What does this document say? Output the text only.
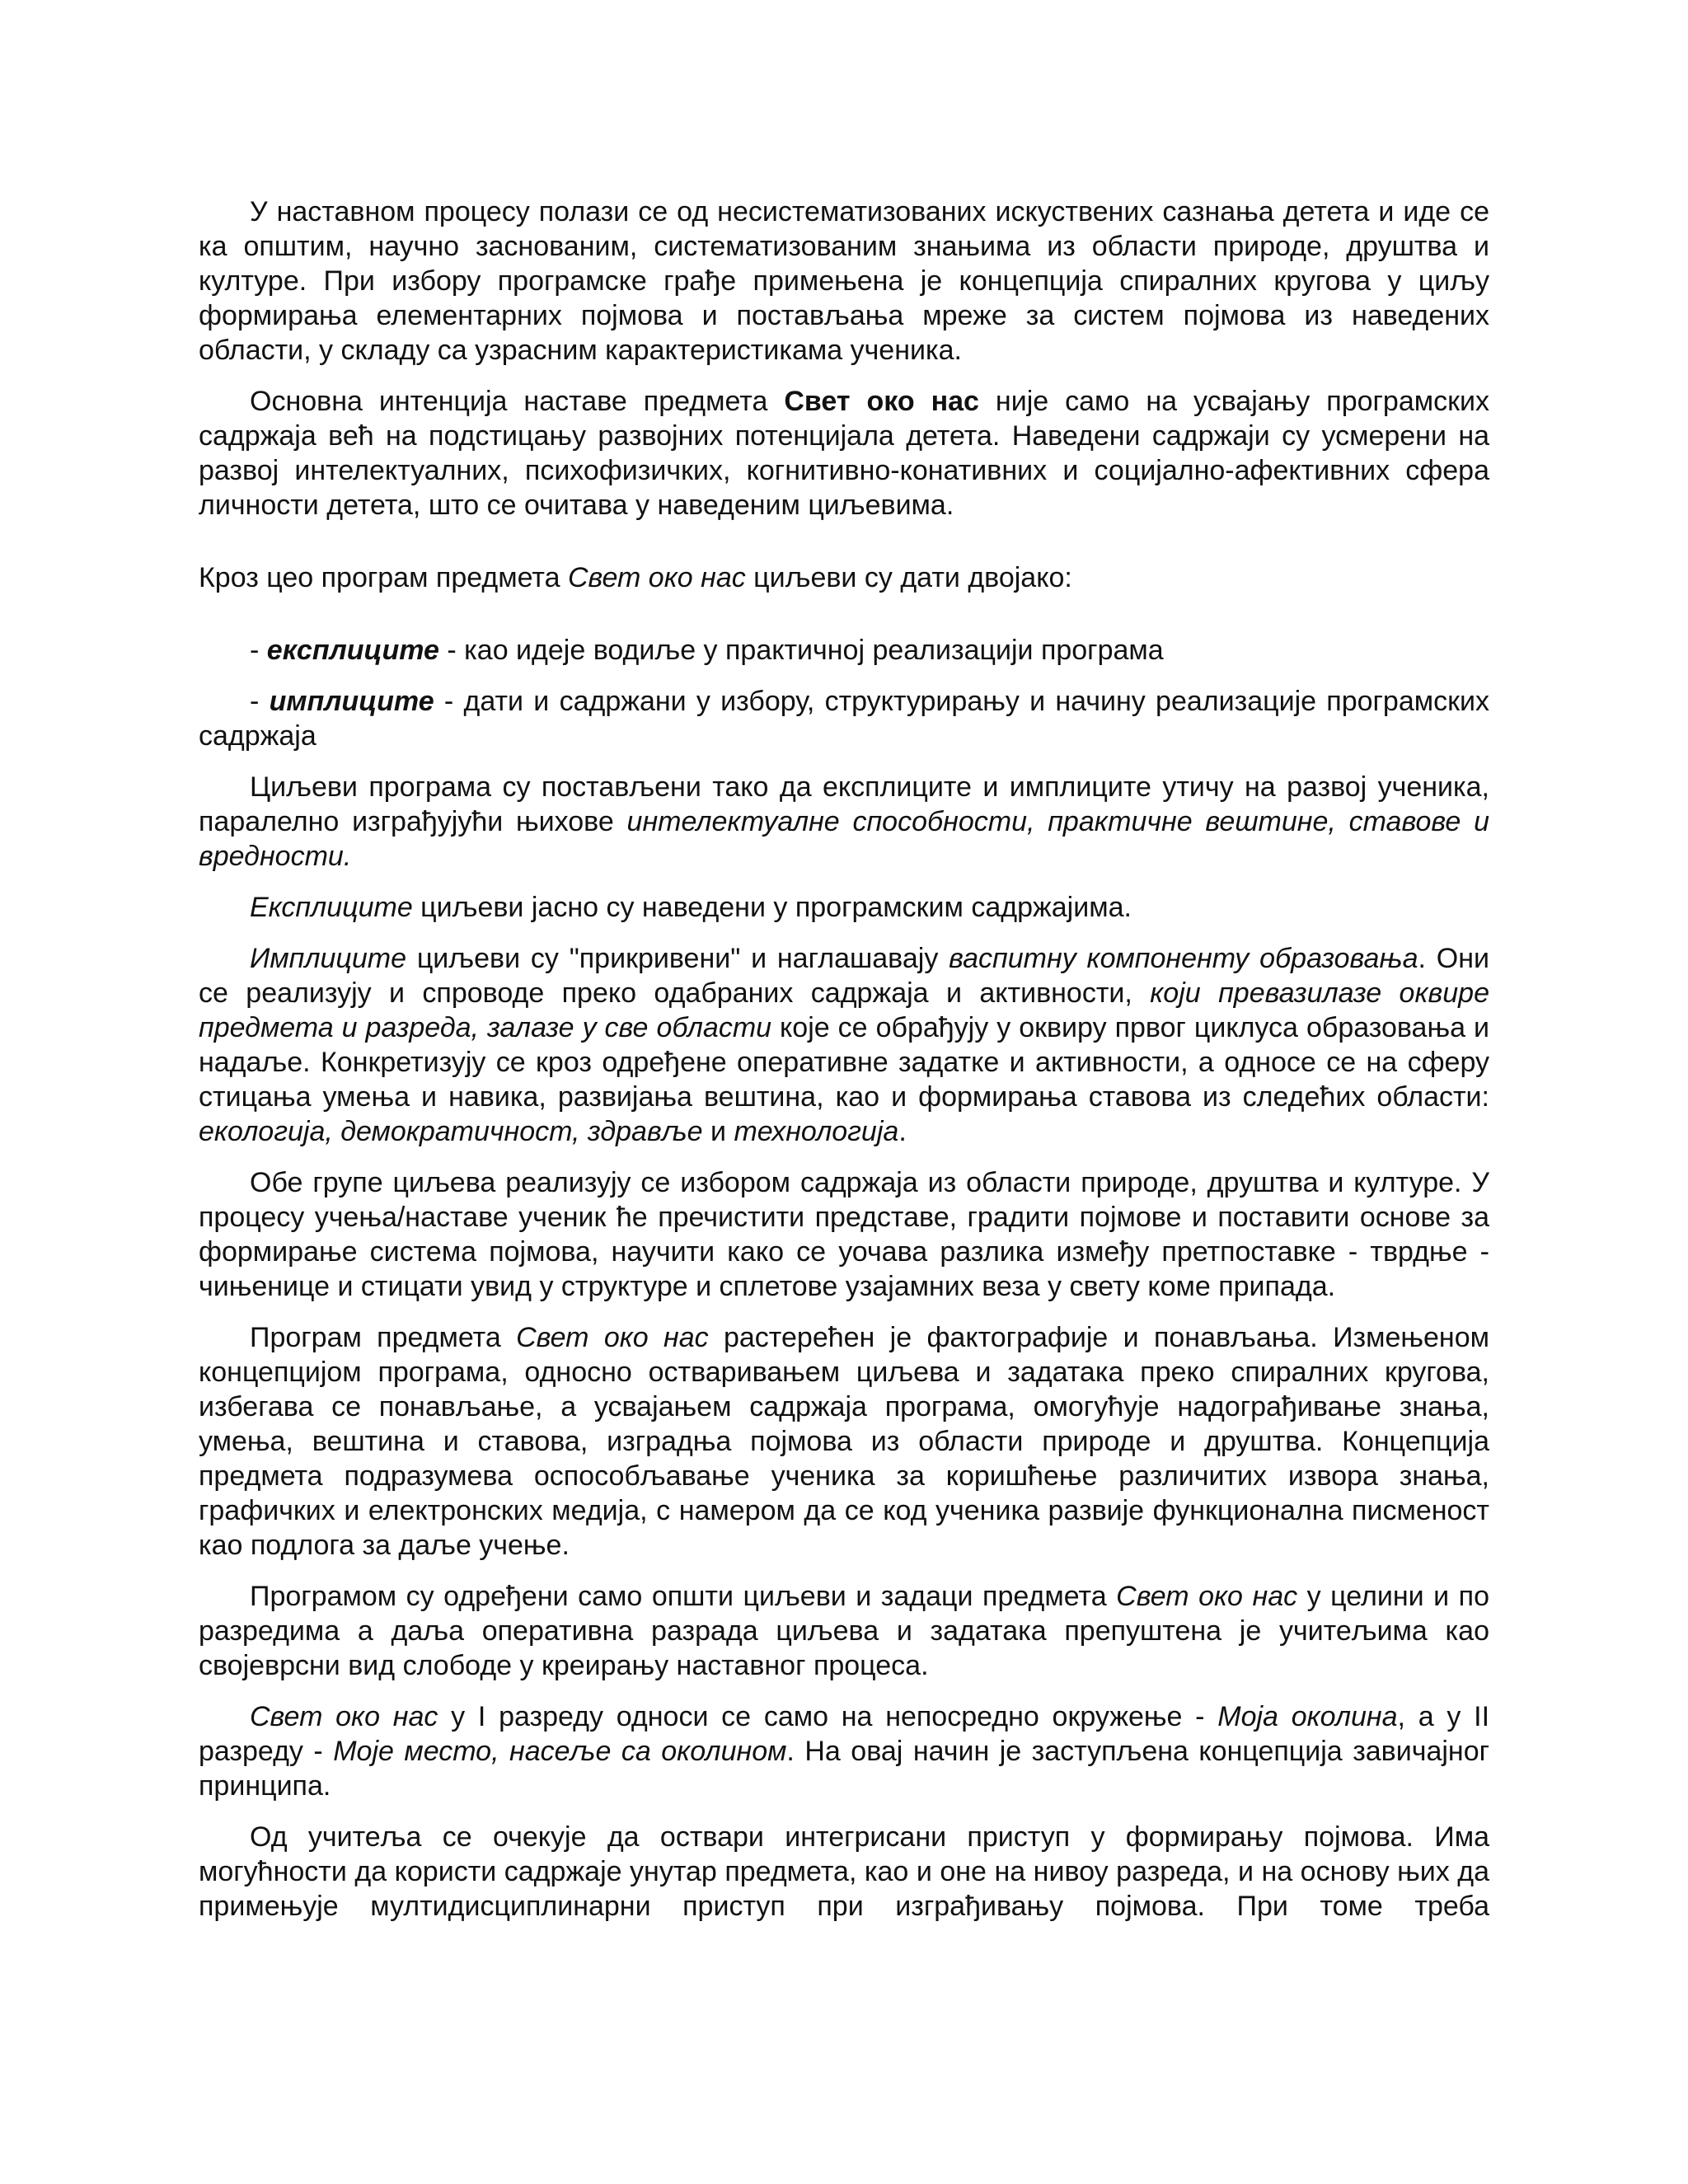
У наставном процесу полази се од несистематизованих искуствених сазнања детета и иде се ка општим, научно заснованим, систематизованим знањима из области природе, друштва и културе. При избору програмске грађе примењена је концепција спиралних кругова у циљу формирања елементарних појмова и постављања мреже за систем појмова из наведених области, у складу са узрасним карактеристикама ученика.

Основна интенција наставе предмета Свет око нас није само на усвајању програмских садржаја већ на подстицању развојних потенцијала детета. Наведени садржаји су усмерени на развој интелектуалних, психофизичких, когнитивно-конативних и социјално-афективних сфера личности детета, што се очитава у наведеним циљевима.

Кроз цео програм предмета Свет око нас циљеви су дати двојако:

- експлиците - као идеје водиље у практичној реализацији програма

- имплиците - дати и садржани у избору, структурирању и начину реализације програмских садржаја

Циљеви програма су постављени тако да експлиците и имплиците утичу на развој ученика, паралелно изграђујући њихове интелектуалне способности, практичне вештине, ставове и вредности.

Експлиците циљеви јасно су наведени у програмским садржајима.

Имплиците циљеви су "прикривени" и наглашавају васпитну компоненту образовања. Они се реализују и спроводе преко одабраних садржаја и активности, који превазилазе оквире предмета и разреда, залазе у све области које се обрађују у оквиру првог циклуса образовања и надаље. Конкретизују се кроз одређене оперативне задатке и активности, а односе се на сферу стицања умења и навика, развијања вештина, као и формирања ставова из следећих области: екологија, демократичност, здравље и технологија.

Обе групе циљева реализују се избором садржаја из области природе, друштва и културе. У процесу учења/наставе ученик ће пречистити представе, градити појмове и поставити основе за формирање система појмова, научити како се уочава разлика између претпоставке - тврдње - чињенице и стицати увид у структуре и сплетове узајамних веза у свету коме припада.

Програм предмета Свет око нас растерећен је фактографије и понављања. Измењеном концепцијом програма, односно остваривањем циљева и задатака преко спиралних кругова, избегава се понављање, а усвајањем садржаја програма, омогућује надограђивање знања, умења, вештина и ставова, изградња појмова из области природе и друштва. Концепција предмета подразумева оспособљавање ученика за коришћење различитих извора знања, графичких и електронских медија, с намером да се код ученика развије функционална писменост као подлога за даље учење.

Програмом су одређени само општи циљеви и задаци предмета Свет око нас у целини и по разредима а даља оперативна разрада циљева и задатака препуштена је учитељима као својеврсни вид слободе у креирању наставног процеса.

Свет око нас у I разреду односи се само на непосредно окружење - Моја околина, а у II разреду - Моје место, насеље са околином. На овај начин је заступљена концепција завичајног принципа.

Од учитеља се очекује да оствари интегрисани приступ у формирању појмова. Има могућности да користи садржаје унутар предмета, као и оне на нивоу разреда, и на основу њих да примењује мултидисциплинарни приступ при изграђивању појмова. При томе треба
